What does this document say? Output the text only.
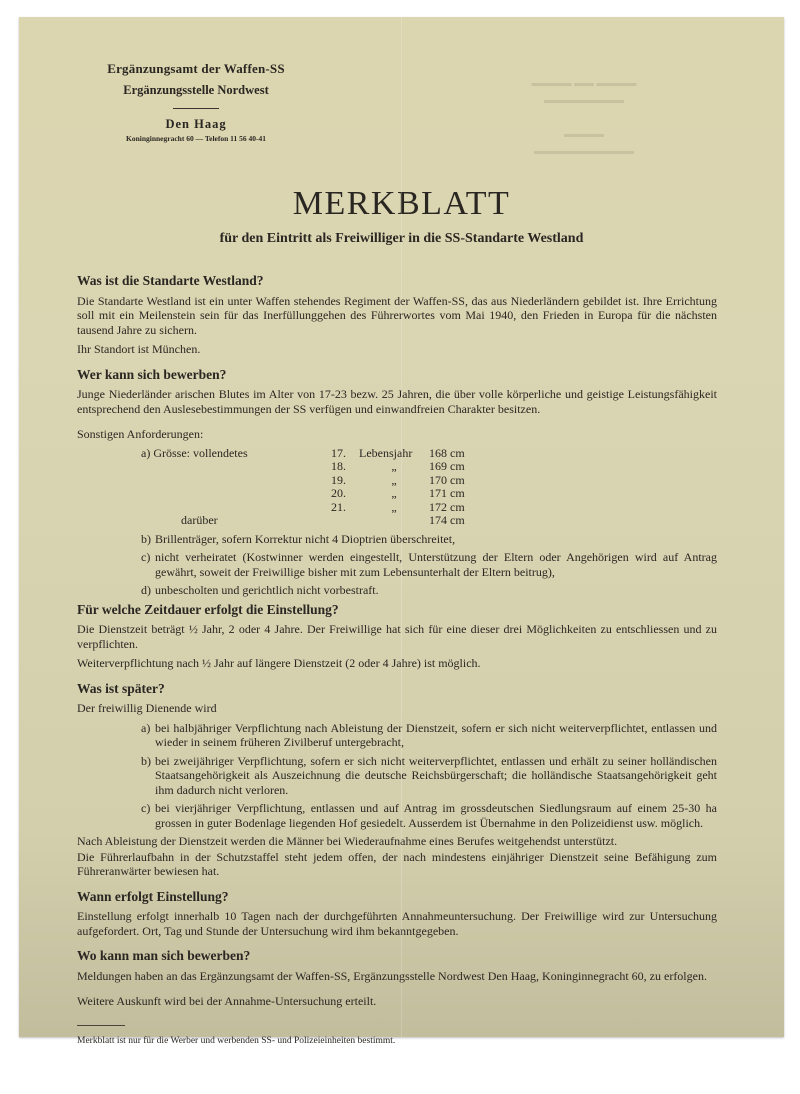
Ergänzungsamt der Waffen-SS
Ergänzungsstelle Nordwest
Den Haag
Koninginnegracht 60 — Telefon 11 56 40-41
▬▬▬▬ ▬▬ ▬▬▬▬
▬▬▬▬▬▬▬▬

▬▬▬▬
▬▬▬▬▬▬▬▬▬▬
MERKBLATT
für den Eintritt als Freiwilliger in die SS-Standarte Westland
Was ist die Standarte Westland?
Die Standarte Westland ist ein unter Waffen stehendes Regiment der Waffen-SS, das aus Niederländern gebildet ist. Ihre Errichtung soll mit ein Meilenstein sein für das Inerfüllunggehen des Führerwortes vom Mai 1940, den Frieden in Europa für die nächsten tausend Jahre zu sichern.
Ihr Standort ist München.
Wer kann sich bewerben?
Junge Niederländer arischen Blutes im Alter von 17-23 bezw. 25 Jahren, die über volle körperliche und geistige Leistungsfähigkeit entsprechend den Auslesebestimmungen der SS verfügen und einwandfreien Charakter besitzen.
Sonstigen Anforderungen:
a) Grösse: vollendetes	17.	Lebensjahr	168 cm
	18.	„	169 cm
	19.	„	170 cm
	20.	„	171 cm
	21.	„	172 cm
darüber			174 cm
b) Brillenträger, sofern Korrektur nicht 4 Dioptrien überschreitet,
c) nicht verheiratet (Kostwinner werden eingestellt, Unterstützung der Eltern oder Angehörigen wird auf Antrag gewährt, soweit der Freiwillige bisher mit zum Lebensunterhalt der Eltern beitrug),
d) unbescholten und gerichtlich nicht vorbestraft.
Für welche Zeitdauer erfolgt die Einstellung?
Die Dienstzeit beträgt ½ Jahr, 2 oder 4 Jahre. Der Freiwillige hat sich für eine dieser drei Möglichkeiten zu entschliessen und zu verpflichten.
Weiterverpflichtung nach ½ Jahr auf längere Dienstzeit (2 oder 4 Jahre) ist möglich.
Was ist später?
Der freiwillig Dienende wird
a) bei halbjähriger Verpflichtung nach Ableistung der Dienstzeit, sofern er sich nicht weiterverpflichtet, entlassen und wieder in seinem früheren Zivilberuf untergebracht,
b) bei zweijähriger Verpflichtung, sofern er sich nicht weiterverpflichtet, entlassen und erhält zu seiner holländischen Staatsangehörigkeit als Auszeichnung die deutsche Reichsbürgerschaft; die holländische Staatsangehörigkeit geht ihm dadurch nicht verloren.
c) bei vierjähriger Verpflichtung, entlassen und auf Antrag im grossdeutschen Siedlungsraum auf einem 25-30 ha grossen in guter Bodenlage liegenden Hof gesiedelt. Ausserdem ist Übernahme in den Polizeidienst usw. möglich.
Nach Ableistung der Dienstzeit werden die Männer bei Wiederaufnahme eines Berufes weitgehendst unterstützt.
Die Führerlaufbahn in der Schutzstaffel steht jedem offen, der nach mindestens einjähriger Dienstzeit seine Befähigung zum Führeranwärter bewiesen hat.
Wann erfolgt Einstellung?
Einstellung erfolgt innerhalb 10 Tagen nach der durchgeführten Annahmeuntersuchung. Der Freiwillige wird zur Untersuchung aufgefordert. Ort, Tag und Stunde der Untersuchung wird ihm bekanntgegeben.
Wo kann man sich bewerben?
Meldungen haben an das Ergänzungsamt der Waffen-SS, Ergänzungsstelle Nordwest Den Haag, Koninginnegracht 60, zu erfolgen.
Weitere Auskunft wird bei der Annahme-Untersuchung erteilt.
Merkblatt ist nur für die Werber und werbenden SS- und Polizeieinheiten bestimmt.
